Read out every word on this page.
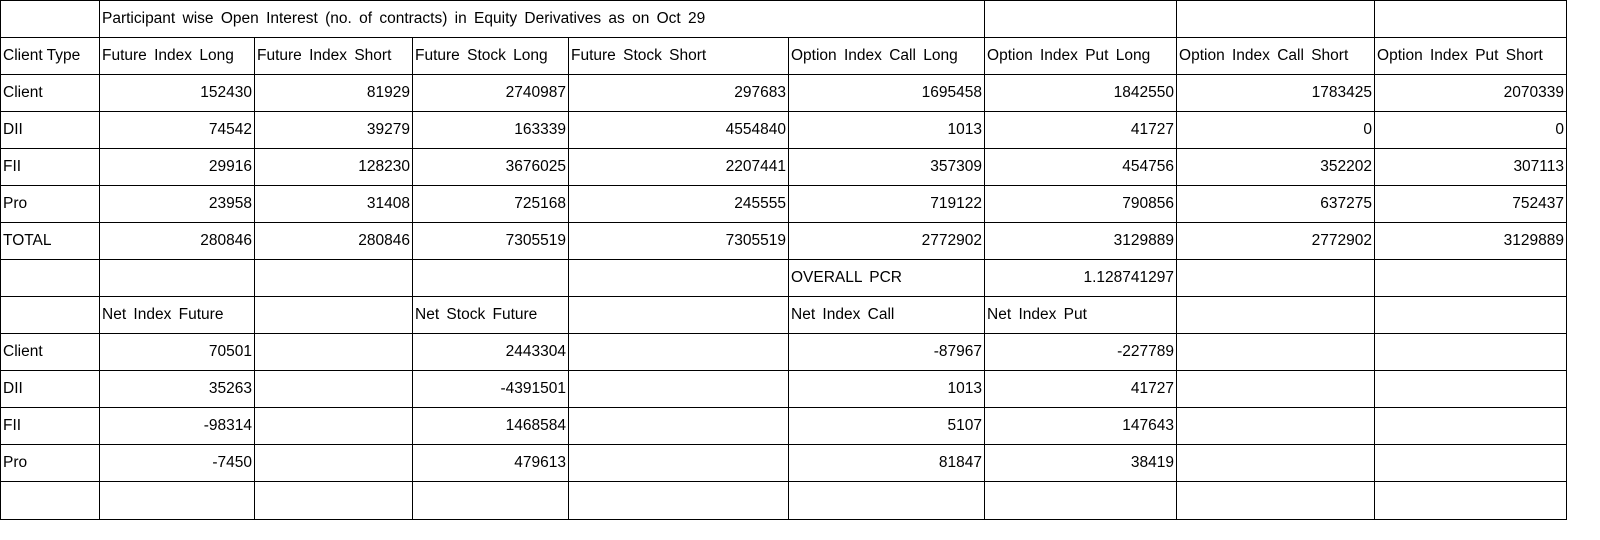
	Participant wise Open Interest (no. of contracts) in Equity Derivatives as on Oct 29							
Client Type	Future Index Long	Future Index Short	Future Stock Long	Future Stock Short	Option Index Call Long	Option Index Put Long	Option Index Call Short	Option Index Put Short
Client	152430	81929	2740987	297683	1695458	1842550	1783425	2070339
DII	74542	39279	163339	4554840	1013	41727	0	0
FII	29916	128230	3676025	2207441	357309	454756	352202	307113
Pro	23958	31408	725168	245555	719122	790856	637275	752437
TOTAL	280846	280846	7305519	7305519	2772902	3129889	2772902	3129889
					OVERALL PCR	1.128741297		
	Net Index Future		Net Stock Future		Net Index Call	Net Index Put		
Client	70501		2443304		-87967	-227789		
DII	35263		-4391501		1013	41727		
FII	-98314		1468584		5107	147643		
Pro	-7450		479613		81847	38419		
